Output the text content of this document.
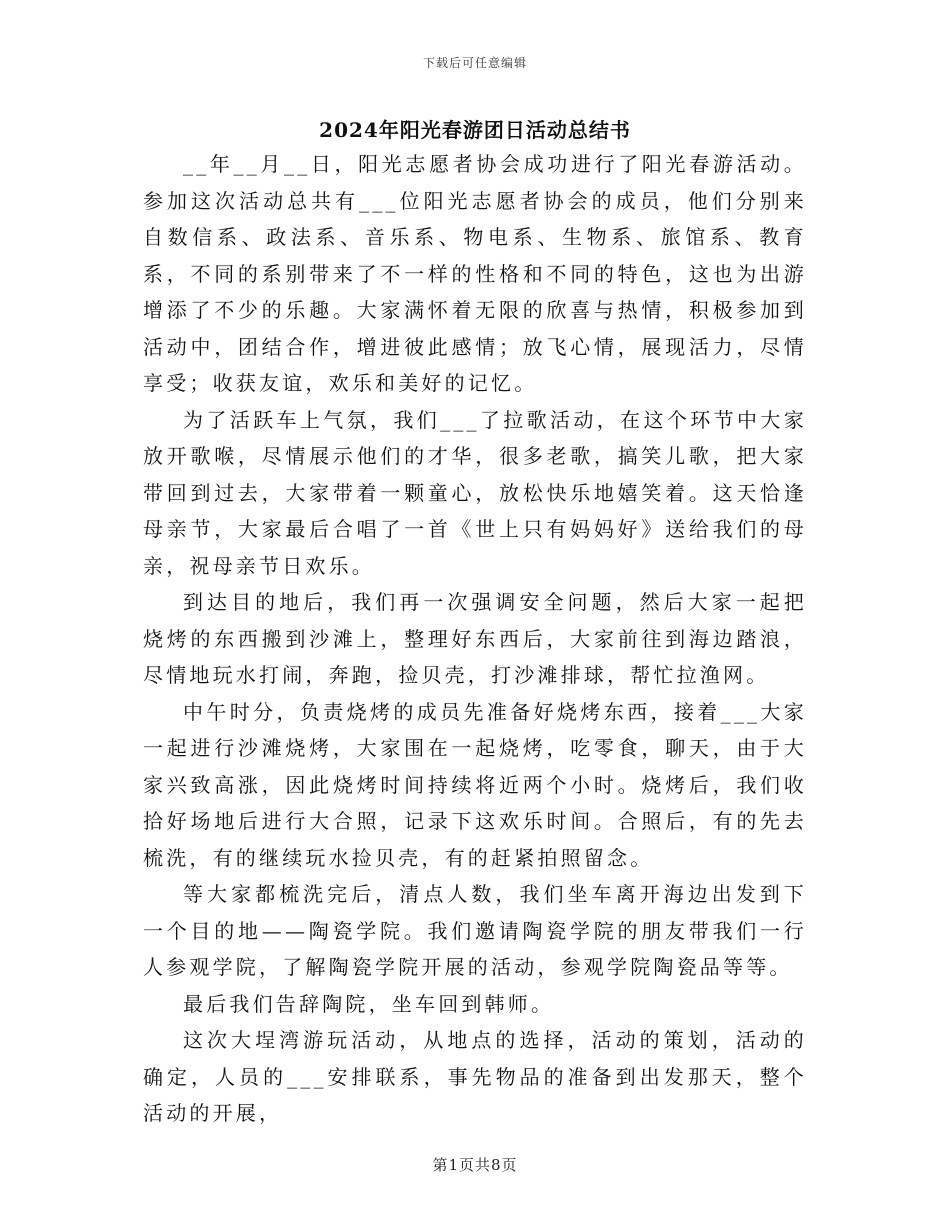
下载后可任意编辑
2024年阳光春游团日活动总结书

__年__月__日，阳光志愿者协会成功进行了阳光春游活动。参加这次活动总共有___位阳光志愿者协会的成员，他们分别来自数信系、政法系、音乐系、物电系、生物系、旅馆系、教育系，不同的系别带来了不一样的性格和不同的特色，这也为出游增添了不少的乐趣。大家满怀着无限的欣喜与热情，积极参加到活动中，团结合作，增进彼此感情；放飞心情，展现活力，尽情享受；收获友谊，欢乐和美好的记忆。

为了活跃车上气氛，我们___了拉歌活动，在这个环节中大家放开歌喉，尽情展示他们的才华，很多老歌，搞笑儿歌，把大家带回到过去，大家带着一颗童心，放松快乐地嬉笑着。这天恰逢母亲节，大家最后合唱了一首《世上只有妈妈好》送给我们的母亲，祝母亲节日欢乐。

到达目的地后，我们再一次强调安全问题，然后大家一起把烧烤的东西搬到沙滩上，整理好东西后，大家前往到海边踏浪，尽情地玩水打闹，奔跑，捡贝壳，打沙滩排球，帮忙拉渔网。

中午时分，负责烧烤的成员先准备好烧烤东西，接着___大家一起进行沙滩烧烤，大家围在一起烧烤，吃零食，聊天，由于大家兴致高涨，因此烧烤时间持续将近两个小时。烧烤后，我们收拾好场地后进行大合照，记录下这欢乐时间。合照后，有的先去梳洗，有的继续玩水捡贝壳，有的赶紧拍照留念。

等大家都梳洗完后，清点人数，我们坐车离开海边出发到下一个目的地——陶瓷学院。我们邀请陶瓷学院的朋友带我们一行人参观学院，了解陶瓷学院开展的活动，参观学院陶瓷品等等。

最后我们告辞陶院，坐车回到韩师。

这次大埕湾游玩活动，从地点的选择，活动的策划，活动的确定，人员的___安排联系，事先物品的准备到出发那天，整个活动的开展，

第1页共8页
